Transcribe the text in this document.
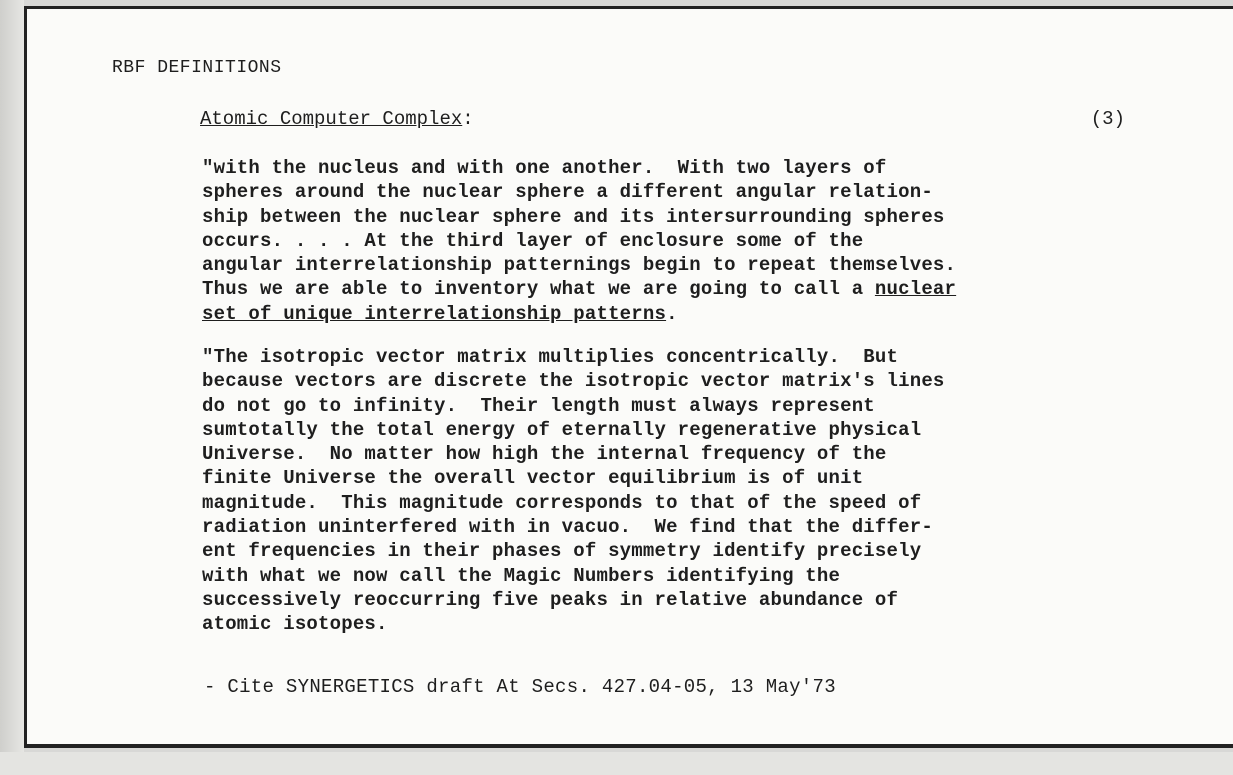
RBF DEFINITIONS
Atomic Computer Complex:	(3)
"with the nucleus and with one another.  With two layers of
spheres around the nuclear sphere a different angular relation-
ship between the nuclear sphere and its intersurrounding spheres
occurs. . . . At the third layer of enclosure some of the
angular interrelationship patternings begin to repeat themselves.
Thus we are able to inventory what we are going to call a nuclear
set of unique interrelationship patterns.
"The isotropic vector matrix multiplies concentrically.  But
because vectors are discrete the isotropic vector matrix's lines
do not go to infinity.  Their length must always represent
sumtotally the total energy of eternally regenerative physical
Universe.  No matter how high the internal frequency of the
finite Universe the overall vector equilibrium is of unit
magnitude.  This magnitude corresponds to that of the speed of
radiation uninterfered with in vacuo.  We find that the differ-
ent frequencies in their phases of symmetry identify precisely
with what we now call the Magic Numbers identifying the
successively reoccurring five peaks in relative abundance of
atomic isotopes.
- Cite SYNERGETICS draft At Secs. 427.04-05, 13 May'73
